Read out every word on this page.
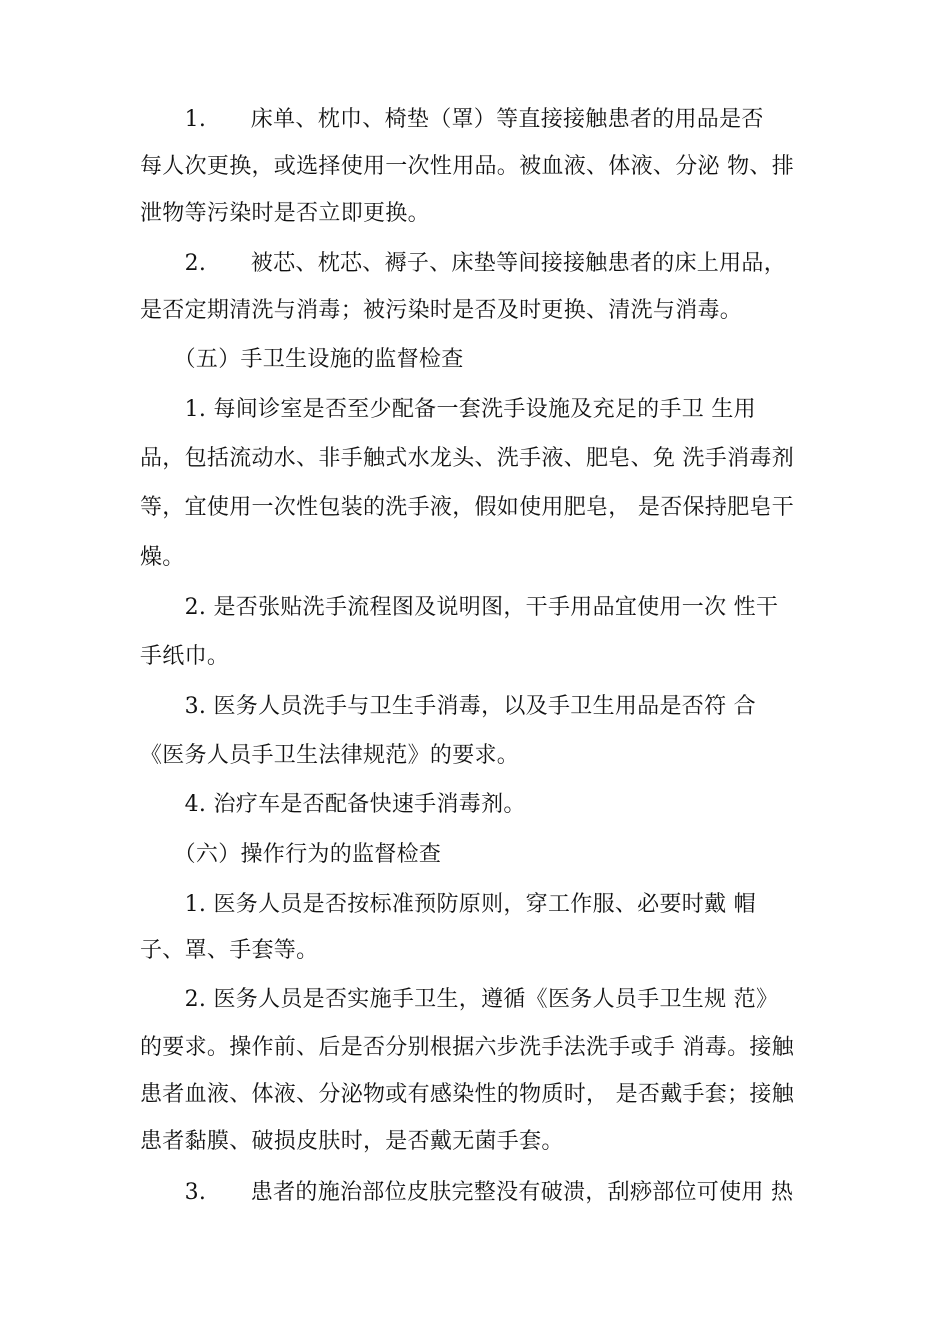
　　1.　　床单、枕巾、椅垫（罩）等直接接触患者的用品是否
每人次更换，或选择使用一次性用品。被血液、体液、分泌 物、排
泄物等污染时是否立即更换。
　　2.　　被芯、枕芯、褥子、床垫等间接接触患者的床上用品，
是否定期清洗与消毒；被污染时是否及时更换、清洗与消毒。
　　（五）手卫生设施的监督检查
　　1. 每间诊室是否至少配备一套洗手设施及充足的手卫 生用
品，包括流动水、非手触式水龙头、洗手液、肥皂、免 洗手消毒剂
等，宜使用一次性包装的洗手液，假如使用肥皂， 是否保持肥皂干
燥。
　　2. 是否张贴洗手流程图及说明图，干手用品宜使用一次 性干
手纸巾。
　　3. 医务人员洗手与卫生手消毒，以及手卫生用品是否符 合
《医务人员手卫生法律规范》的要求。
　　4. 治疗车是否配备快速手消毒剂。
　　（六）操作行为的监督检查
　　1. 医务人员是否按标准预防原则，穿工作服、必要时戴 帽
子、罩、手套等。
　　2. 医务人员是否实施手卫生，遵循《医务人员手卫生规 范》
的要求。操作前、后是否分别根据六步洗手法洗手或手 消毒。接触
患者血液、体液、分泌物或有感染性的物质时， 是否戴手套；接触
患者黏膜、破损皮肤时，是否戴无菌手套。
　　3.　　患者的施治部位皮肤完整没有破溃，刮痧部位可使用 热
